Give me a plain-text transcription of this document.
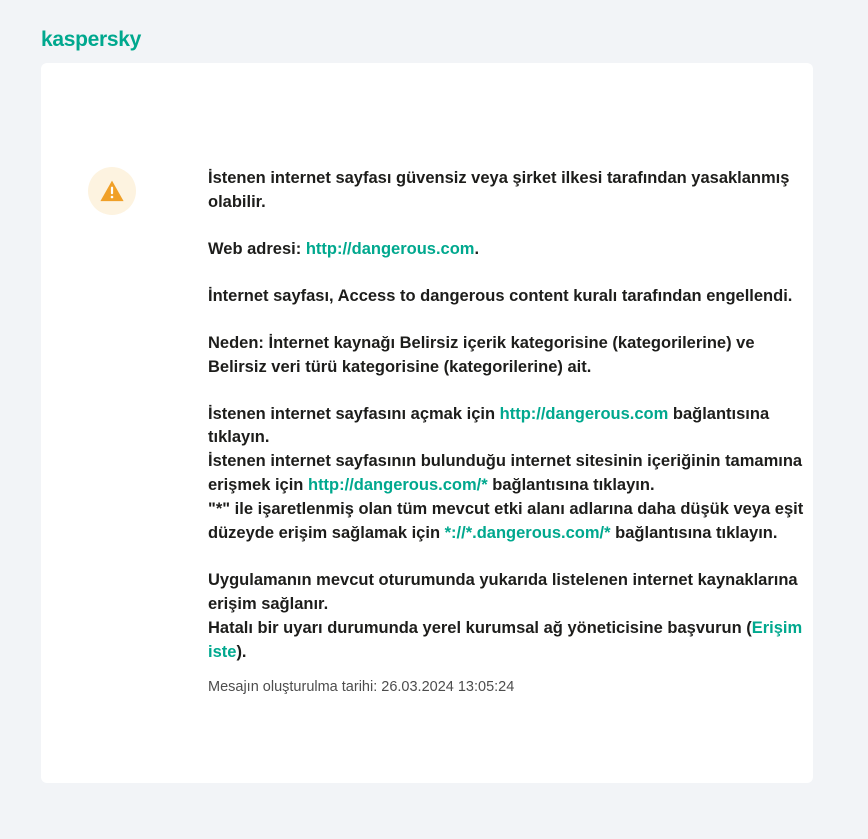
kaspersky

İstenen internet sayfası güvensiz veya şirket ilkesi tarafından yasaklanmış olabilir.

Web adresi: http://dangerous.com.

İnternet sayfası, Access to dangerous content kuralı tarafından engellendi.

Neden: İnternet kaynağı Belirsiz içerik kategorisine (kategorilerine) ve Belirsiz veri türü kategorisine (kategorilerine) ait.

İstenen internet sayfasını açmak için http://dangerous.com bağlantısına tıklayın.

İstenen internet sayfasının bulunduğu internet sitesinin içeriğinin tamamına erişmek için http://dangerous.com/* bağlantısına tıklayın.

"*" ile işaretlenmiş olan tüm mevcut etki alanı adlarına daha düşük veya eşit düzeyde erişim sağlamak için *://*.dangerous.com/* bağlantısına tıklayın.

Uygulamanın mevcut oturumunda yukarıda listelenen internet kaynaklarına erişim sağlanır.

Hatalı bir uyarı durumunda yerel kurumsal ağ yöneticisine başvurun (Erişim iste).

Mesajın oluşturulma tarihi: 26.03.2024 13:05:24
